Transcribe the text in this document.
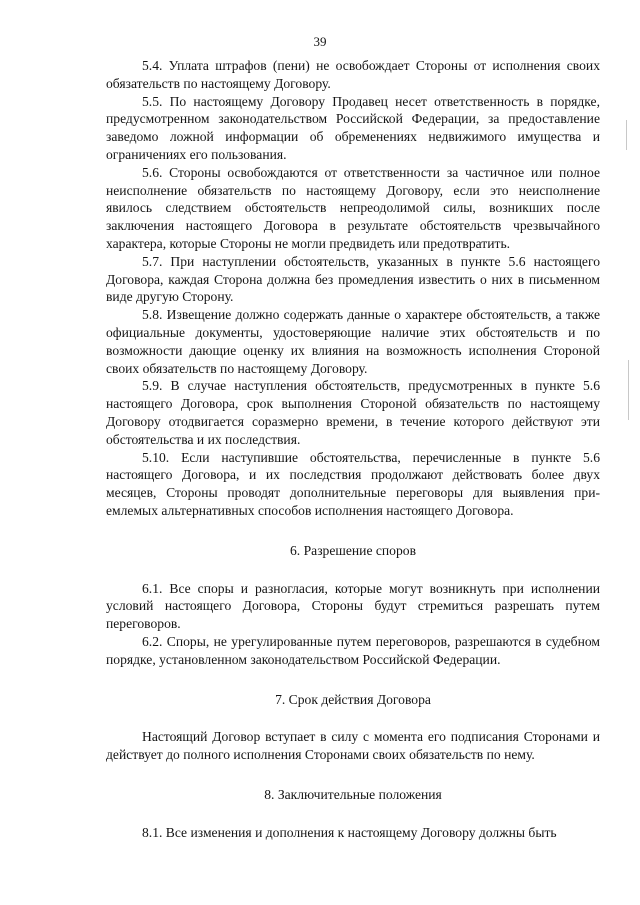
39

5.4. Уплата штрафов (пени) не освобождает Стороны от исполнения своих обязательств по настоящему Договору.

5.5. По настоящему Договору Продавец несет ответственность в порядке, предусмотренном законодательством Российской Федерации, за предоставление заведомо ложной информации об обременениях недвижимого имущества и ограничениях его пользования.

5.6. Стороны освобождаются от ответственности за частичное или полное неисполнение обязательств по настоящему Договору, если это неисполнение явилось следствием обстоятельств непреодолимой силы, возникших после заключения настоящего Договора в результате обстоятельств чрезвычайного характера, которые Стороны не могли предвидеть или предотвратить.

5.7. При наступлении обстоятельств, указанных в пункте 5.6 настоящего Договора, каждая Сторона должна без промедления известить о них в письменном виде другую Сторону.

5.8. Извещение должно содержать данные о характере обстоятельств, а также официальные документы, удостоверяющие наличие этих обстоятельств и по возможности дающие оценку их влияния на возможность исполнения Стороной своих обязательств по настоящему Договору.

5.9. В случае наступления обстоятельств, предусмотренных в пункте 5.6 настоящего Договора, срок выполнения Стороной обязательств по настоящему Договору отодвигается соразмерно времени, в течение которого действуют эти обстоятельства и их последствия.

5.10. Если наступившие обстоятельства, перечисленные в пункте 5.6 настоящего Договора, и их последствия продолжают действовать более двух месяцев, Стороны проводят дополнительные переговоры для выявления приемлемых альтернативных способов исполнения настоящего Договора.

6. Разрешение споров

6.1. Все споры и разногласия, которые могут возникнуть при исполнении условий настоящего Договора, Стороны будут стремиться разрешать путем переговоров.

6.2. Споры, не урегулированные путем переговоров, разрешаются в судебном порядке, установленном законодательством Российской Федерации.

7. Срок действия Договора

Настоящий Договор вступает в силу с момента его подписания Сторонами и действует до полного исполнения Сторонами своих обязательств по нему.

8. Заключительные положения

8.1. Все изменения и дополнения к настоящему Договору должны быть
